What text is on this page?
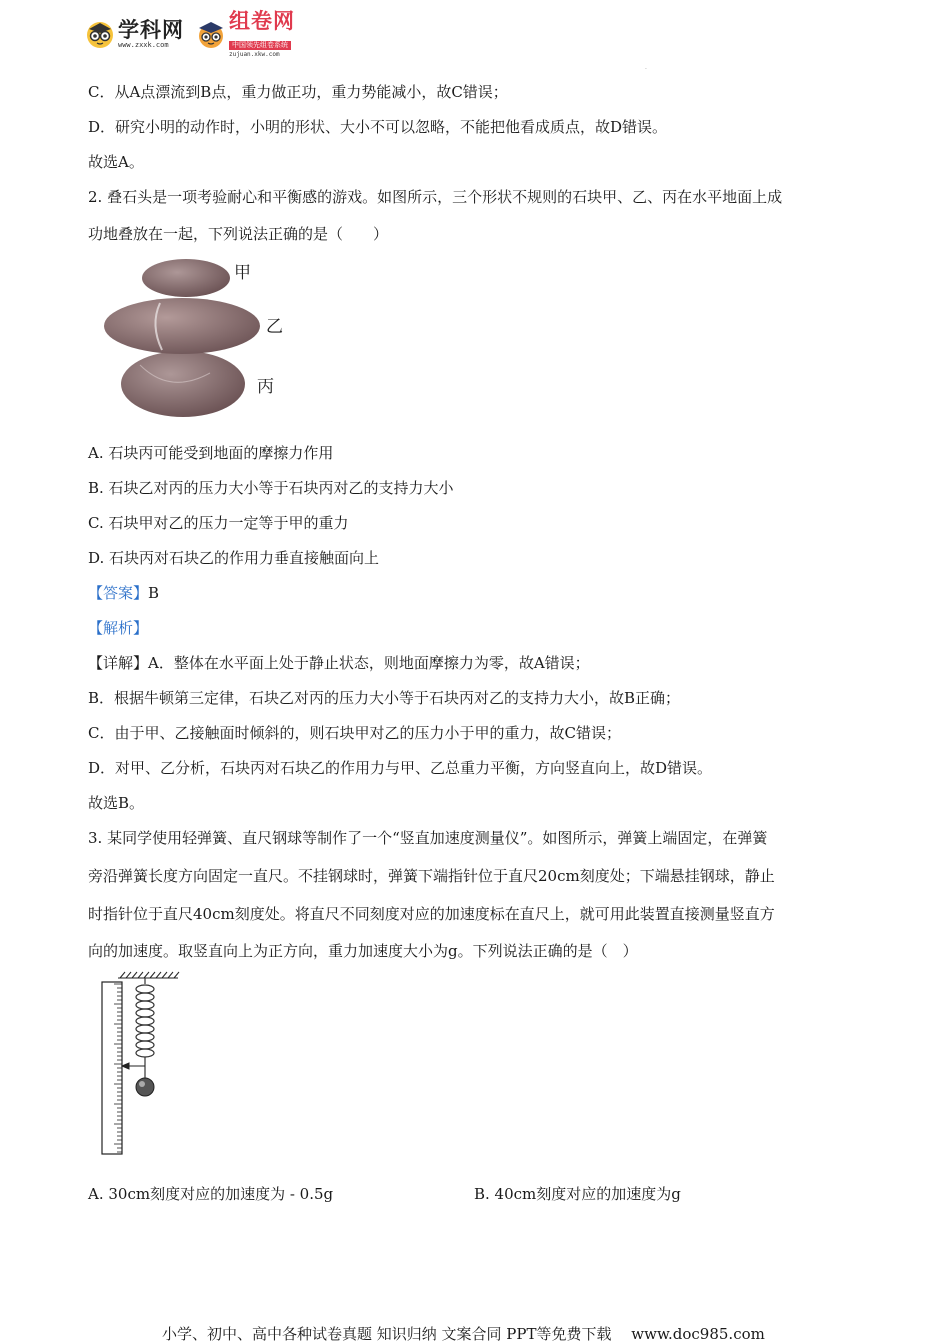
学科网
www.zxxk.com
组卷网
中国领先组卷系统
zujuan.xkw.com
.
C．从A点漂流到B点，重力做正功，重力势能减小，故C错误；
D．研究小明的动作时，小明的形状、大小不可以忽略，不能把他看成质点，故D错误。
故选A。
2. 叠石头是一项考验耐心和平衡感的游戏。如图所示，三个形状不规则的石块甲、乙、丙在水平地面上成
功地叠放在一起，下列说法正确的是（　　）
甲
乙
丙
A. 石块丙可能受到地面的摩擦力作用
B. 石块乙对丙的压力大小等于石块丙对乙的支持力大小
C. 石块甲对乙的压力一定等于甲的重力
D. 石块丙对石块乙的作用力垂直接触面向上
【答案】B
【解析】
【详解】A．整体在水平面上处于静止状态，则地面摩擦力为零，故A错误；
B．根据牛顿第三定律，石块乙对丙的压力大小等于石块丙对乙的支持力大小，故B正确；
C．由于甲、乙接触面时倾斜的，则石块甲对乙的压力小于甲的重力，故C错误；
D．对甲、乙分析，石块丙对石块乙的作用力与甲、乙总重力平衡，方向竖直向上，故D错误。
故选B。
3. 某同学使用轻弹簧、直尺钢球等制作了一个“竖直加速度测量仪”。如图所示，弹簧上端固定，在弹簧
旁沿弹簧长度方向固定一直尺。不挂钢球时，弹簧下端指针位于直尺20cm刻度处；下端悬挂钢球，静止
时指针位于直尺40cm刻度处。将直尺不同刻度对应的加速度标在直尺上，就可用此装置直接测量竖直方
向的加速度。取竖直向上为正方向，重力加速度大小为g。下列说法正确的是（　）
A. 30cm刻度对应的加速度为 - 0.5g	B. 40cm刻度对应的加速度为g
小学、初中、高中各种试卷真题 知识归纳 文案合同 PPT等免费下载　 www.doc985.com
